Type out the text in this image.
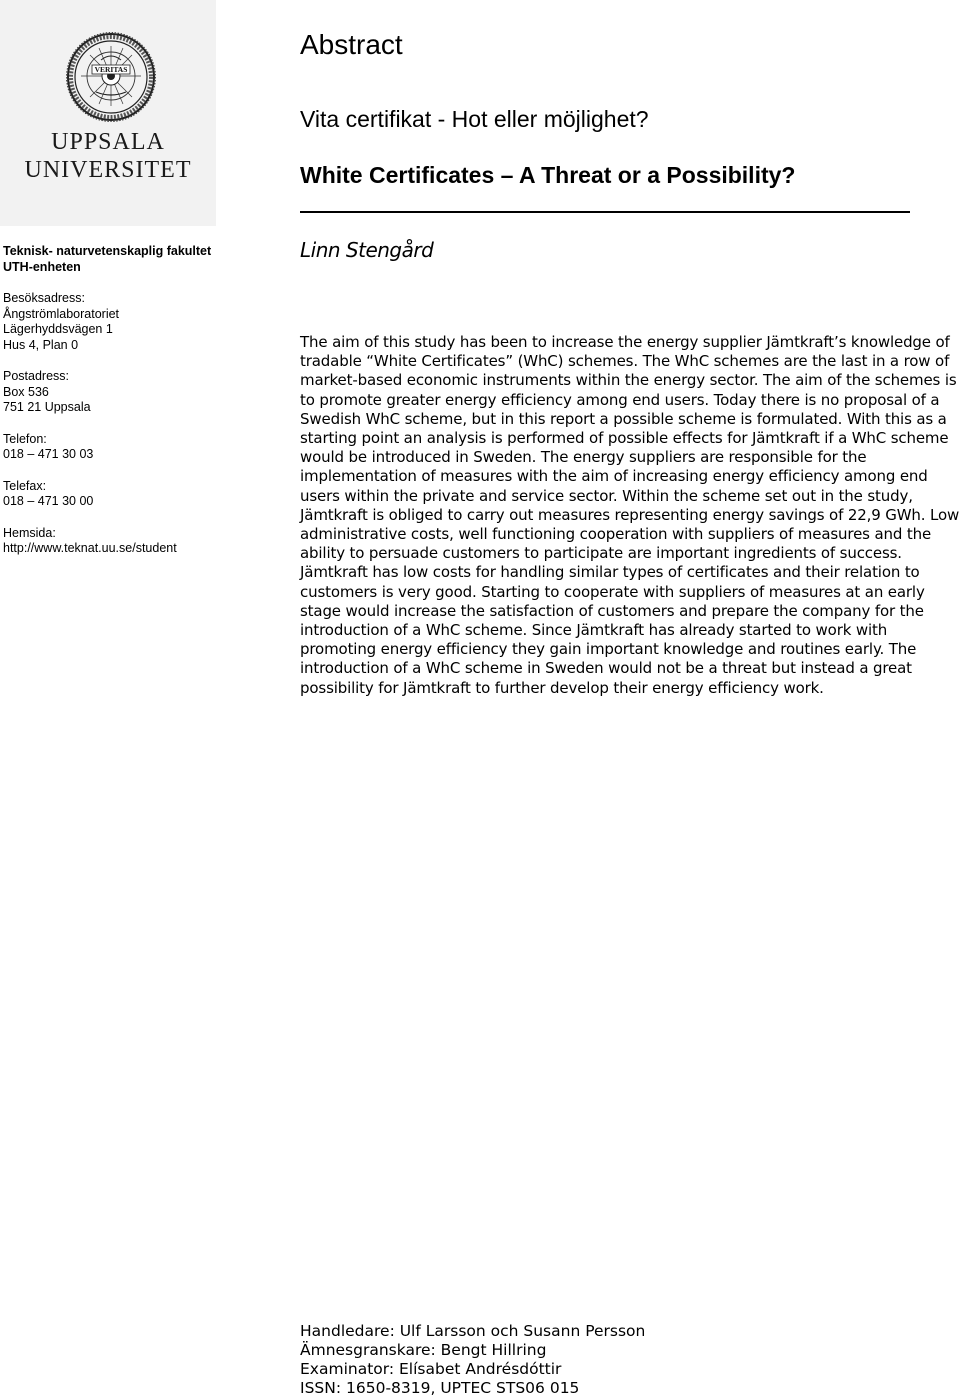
VERITAS
UPPSALA
UNIVERSITET
Teknisk- naturvetenskaplig fakultet
UTH-enheten
Besöksadress:
Ångströmlaboratoriet
Lägerhyddsvägen 1
Hus 4, Plan 0
Postadress:
Box 536
751 21 Uppsala
Telefon:
018 – 471 30 03
Telefax:
018 – 471 30 00
Hemsida:
http://www.teknat.uu.se/student
Abstract
Vita certifikat - Hot eller möjlighet?
White Certificates – A Threat or a Possibility?
Linn Stengård
The aim of this study has been to increase the energy supplier Jämtkraft’s knowledge of tradable “White Certificates” (WhC) schemes. The WhC schemes are the last in a row of market-based economic instruments within the energy sector. The aim of the schemes is to promote greater energy efficiency among end users. Today there is no proposal of a Swedish WhC scheme, but in this report a possible scheme is formulated. With this as a starting point an analysis is performed of possible effects for Jämtkraft if a WhC scheme would be introduced in Sweden. The energy suppliers are responsible for the implementation of measures with the aim of increasing energy efficiency among end users within the private and service sector. Within the scheme set out in the study, Jämtkraft is obliged to carry out measures representing energy savings of 22,9 GWh. Low administrative costs, well functioning cooperation with suppliers of measures and the ability to persuade customers to participate are important ingredients of success. Jämtkraft has low costs for handling similar types of certificates and their relation to customers is very good. Starting to cooperate with suppliers of measures at an early stage would increase the satisfaction of customers and prepare the company for the introduction of a WhC scheme. Since Jämtkraft has already started to work with promoting energy efficiency they gain important knowledge and routines early. The introduction of a WhC scheme in Sweden would not be a threat but instead a great possibility for Jämtkraft to further develop their energy efficiency work.
Handledare: Ulf Larsson och Susann Persson
Ämnesgranskare: Bengt Hillring
Examinator: Elísabet Andrésdóttir
ISSN: 1650-8319, UPTEC STS06 015
